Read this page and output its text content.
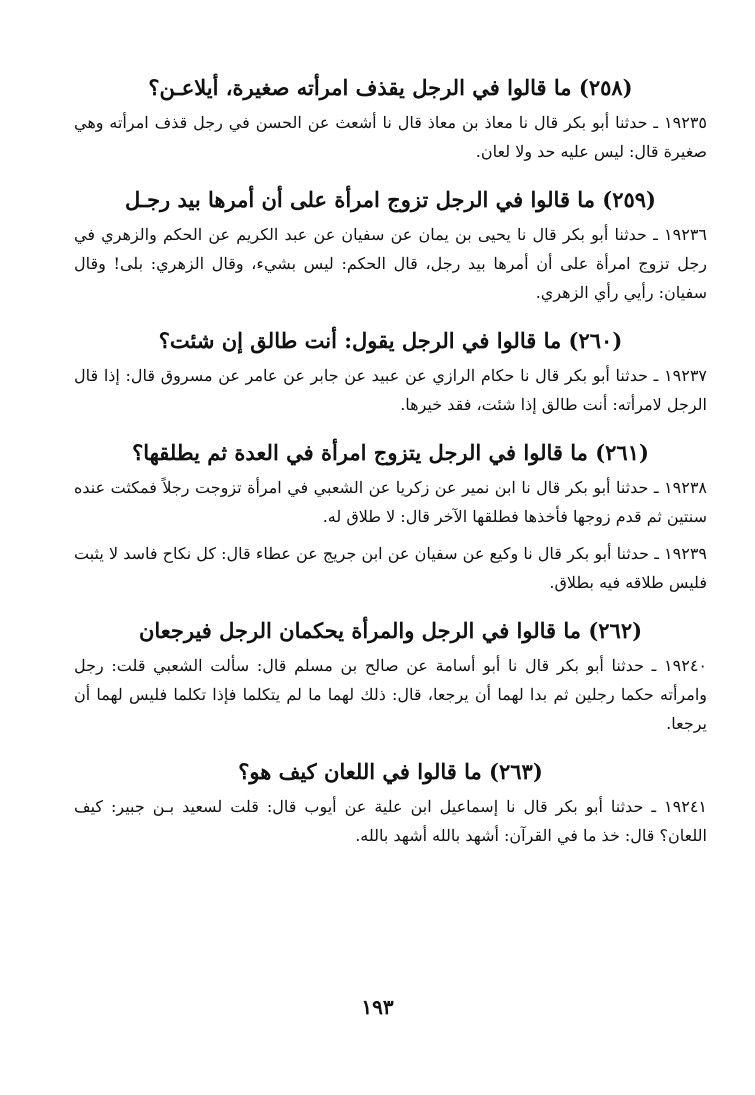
(٢٥٨) ما قالوا في الرجل يقذف امرأته صغيرة، أيلاعـن؟
١٩٢٣٥ ـ حدثنا أبو بكر قال نا معاذ بن معاذ قال نا أشعث عن الحسن في رجل قذف امرأته وهي صغيرة قال: ليس عليه حد ولا لعان.
(٢٥٩) ما قالوا في الرجل تزوج امرأة على أن أمرها بيد رجـل
١٩٢٣٦ ـ حدثنا أبو بكر قال نا يحيى بن يمان عن سفيان عن عبد الكريم عن الحكم والزهري في رجل تزوج امرأة على أن أمرها بيد رجل، قال الحكم: ليس بشيء، وقال الزهري: بلى! وقال سفيان: رأيي رأي الزهري.
(٢٦٠) ما قالوا في الرجل يقول: أنت طالق إن شئت؟
١٩٢٣٧ ـ حدثنا أبو بكر قال نا حكام الرازي عن عبيد عن جابر عن عامر عن مسروق قال: إذا قال الرجل لامرأته: أنت طالق إذا شئت، فقد خيرها.
(٢٦١) ما قالوا في الرجل يتزوج امرأة في العدة ثم يطلقها؟
١٩٢٣٨ ـ حدثنا أبو بكر قال نا ابن نمير عن زكريا عن الشعبي في امرأة تزوجت رجلاً فمكثت عنده سنتين ثم قدم زوجها فأخذها فطلقها الآخر قال: لا طلاق له.
١٩٢٣٩ ـ حدثنا أبو بكر قال نا وكيع عن سفيان عن ابن جريج عن عطاء قال: كل نكاح فاسد لا يثبت فليس طلاقه فيه بطلاق.
(٢٦٢) ما قالوا في الرجل والمرأة يحكمان الرجل فيرجعان
١٩٢٤٠ ـ حدثنا أبو بكر قال نا أبو أسامة عن صالح بن مسلم قال: سألت الشعبي قلت: رجل وامرأته حكما رجلين ثم بدا لهما أن يرجعا، قال: ذلك لهما ما لم يتكلما فإذا تكلما فليس لهما أن يرجعا.
(٢٦٣) ما قالوا في اللعان كيف هو؟
١٩٢٤١ ـ حدثنا أبو بكر قال نا إسماعيل ابن علية عن أيوب قال: قلت لسعيد بـن جبير: كيف اللعان؟ قال: خذ ما في القرآن: أشهد بالله أشهد بالله.
١٩٣
